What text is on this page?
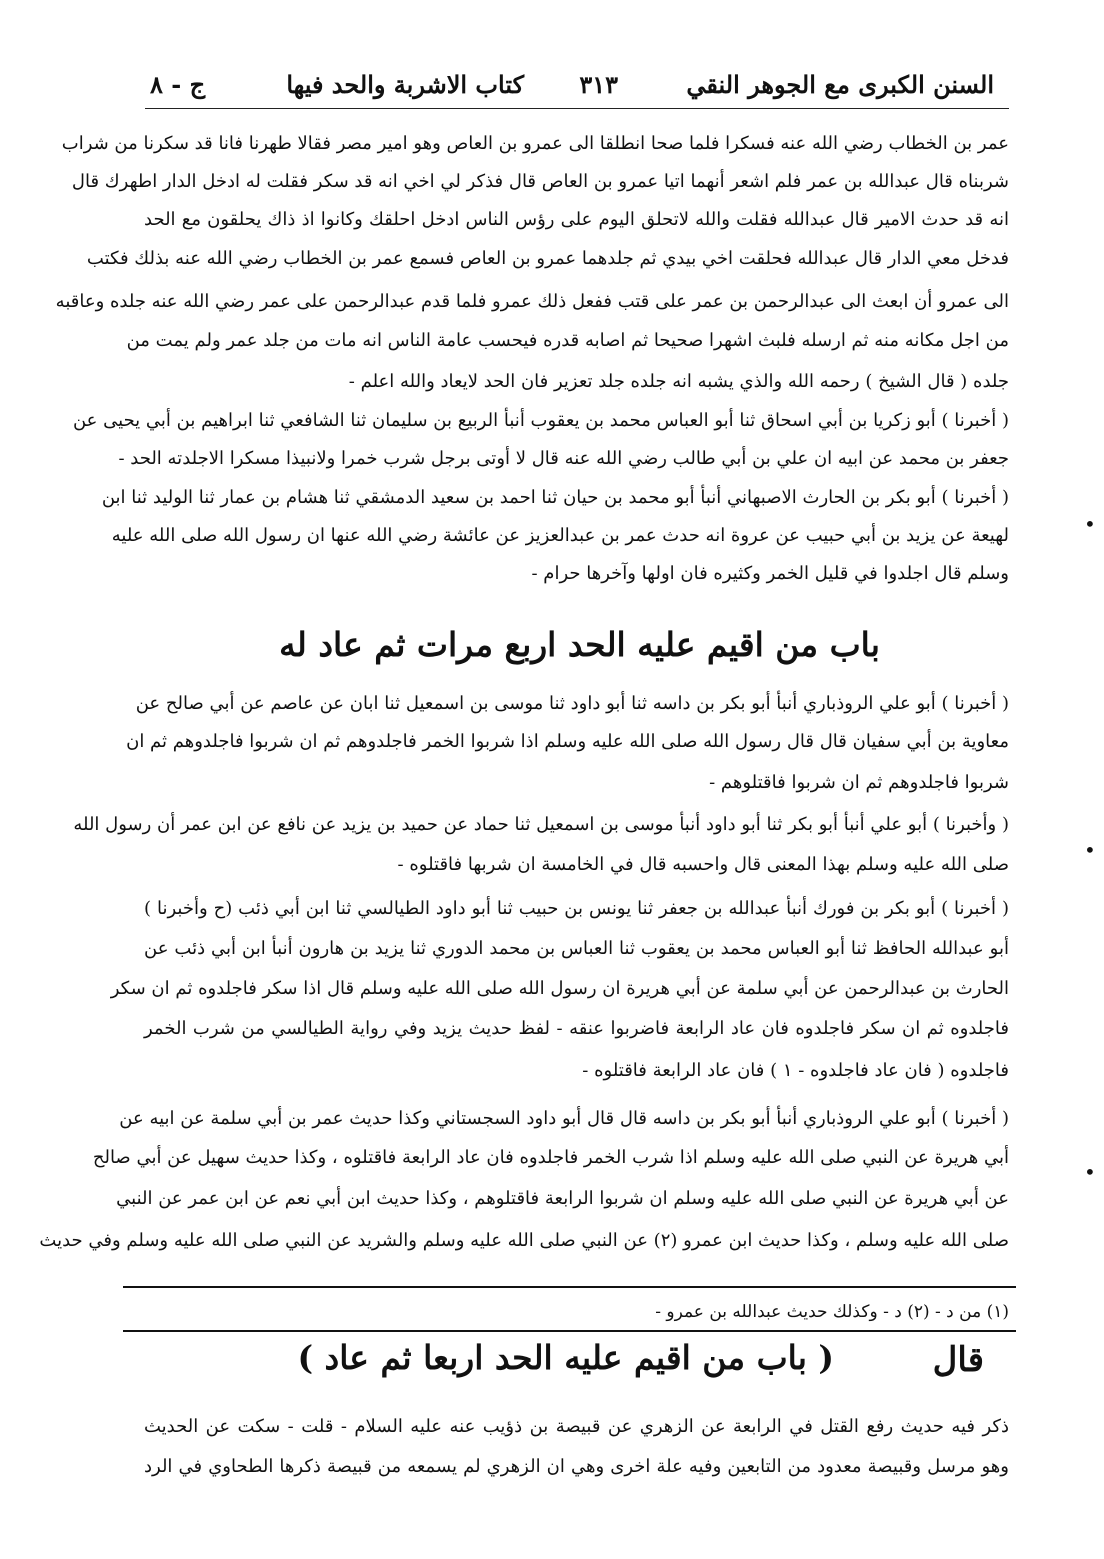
السنن الكبرى مع الجوهر النقي
٣١٣
كتاب الاشربة والحد فيها
ج - ٨
عمر بن الخطاب رضي الله عنه فسكرا فلما صحا انطلقا الى عمرو بن العاص وهو امير مصر فقالا طهرنا فانا قد سكرنا من شراب
شربناه قال عبدالله بن عمر فلم اشعر أنهما اتيا عمرو بن العاص قال فذكر لي اخي انه قد سكر فقلت له ادخل الدار اطهرك قال
انه قد حدث الامير قال عبدالله فقلت والله لاتحلق اليوم على رؤس الناس ادخل احلقك وكانوا اذ ذاك يحلقون مع الحد
فدخل معي الدار قال عبدالله فحلقت اخي بيدي ثم جلدهما عمرو بن العاص فسمع عمر بن الخطاب رضي الله عنه بذلك فكتب
الى عمرو أن ابعث الى عبدالرحمن بن عمر على قتب ففعل ذلك عمرو فلما قدم عبدالرحمن على عمر رضي الله عنه جلده وعاقبه
من اجل مكانه منه ثم ارسله فلبث اشهرا صحيحا ثم اصابه قدره فيحسب عامة الناس انه مات من جلد عمر ولم يمت من
جلده ( قال الشيخ ) رحمه الله والذي يشبه انه جلده جلد تعزير فان الحد لايعاد والله اعلم -
( أخبرنا ) أبو زكريا بن أبي اسحاق ثنا أبو العباس محمد بن يعقوب أنبأ الربيع بن سليمان ثنا الشافعي ثنا ابراهيم بن أبي يحيى عن
جعفر بن محمد عن ابيه ان علي بن أبي طالب رضي الله عنه قال لا أوتى برجل شرب خمرا ولانبيذا مسكرا الاجلدته الحد -
( أخبرنا ) أبو بكر بن الحارث الاصبهاني أنبأ أبو محمد بن حيان ثنا احمد بن سعيد الدمشقي ثنا هشام بن عمار ثنا الوليد ثنا ابن
لهيعة عن يزيد بن أبي حبيب عن عروة انه حدث عمر بن عبدالعزيز عن عائشة رضي الله عنها ان رسول الله صلى الله عليه
وسلم قال اجلدوا في قليل الخمر وكثيره فان اولها وآخرها حرام -
باب من اقيم عليه الحد اربع مرات ثم عاد له
( أخبرنا ) أبو علي الروذباري أنبأ أبو بكر بن داسه ثنا أبو داود ثنا موسى بن اسمعيل ثنا ابان عن عاصم عن أبي صالح عن
معاوية بن أبي سفيان قال قال رسول الله صلى الله عليه وسلم اذا شربوا الخمر فاجلدوهم ثم ان شربوا فاجلدوهم ثم ان
شربوا فاجلدوهم ثم ان شربوا فاقتلوهم -
( وأخبرنا ) أبو علي أنبأ أبو بكر ثنا أبو داود أنبأ موسى بن اسمعيل ثنا حماد عن حميد بن يزيد عن نافع عن ابن عمر أن رسول الله
صلى الله عليه وسلم بهذا المعنى قال واحسبه قال في الخامسة ان شربها فاقتلوه -
( أخبرنا ) أبو بكر بن فورك أنبأ عبدالله بن جعفر ثنا يونس بن حبيب ثنا أبو داود الطيالسي ثنا ابن أبي ذئب (ح وأخبرنا )
أبو عبدالله الحافظ ثنا أبو العباس محمد بن يعقوب ثنا العباس بن محمد الدوري ثنا يزيد بن هارون أنبأ ابن أبي ذئب عن
الحارث بن عبدالرحمن عن أبي سلمة عن أبي هريرة ان رسول الله صلى الله عليه وسلم قال اذا سكر فاجلدوه ثم ان سكر
فاجلدوه ثم ان سكر فاجلدوه فان عاد الرابعة فاضربوا عنقه - لفظ حديث يزيد وفي رواية الطيالسي من شرب الخمر
فاجلدوه ( فان عاد فاجلدوه - ١ ) فان عاد الرابعة فاقتلوه -
( أخبرنا ) أبو علي الروذباري أنبأ أبو بكر بن داسه قال قال أبو داود السجستاني وكذا حديث عمر بن أبي سلمة عن ابيه عن
أبي هريرة عن النبي صلى الله عليه وسلم اذا شرب الخمر فاجلدوه فان عاد الرابعة فاقتلوه ، وكذا حديث سهيل عن أبي صالح
عن أبي هريرة عن النبي صلى الله عليه وسلم ان شربوا الرابعة فاقتلوهم ، وكذا حديث ابن أبي نعم عن ابن عمر عن النبي
صلى الله عليه وسلم ، وكذا حديث ابن عمرو (٢) عن النبي صلى الله عليه وسلم والشريد عن النبي صلى الله عليه وسلم وفي حديث
(١) من د - (٢) د - وكذلك حديث عبدالله بن عمرو -
قال
( باب من اقيم عليه الحد اربعا ثم عاد )
ذكر فيه حديث رفع القتل في الرابعة عن الزهري عن قبيصة بن ذؤيب عنه عليه السلام - قلت - سكت عن الحديث
وهو مرسل وقبيصة معدود من التابعين وفيه علة اخرى وهي ان الزهري لم يسمعه من قبيصة ذكرها الطحاوي في الرد
•
•
•
